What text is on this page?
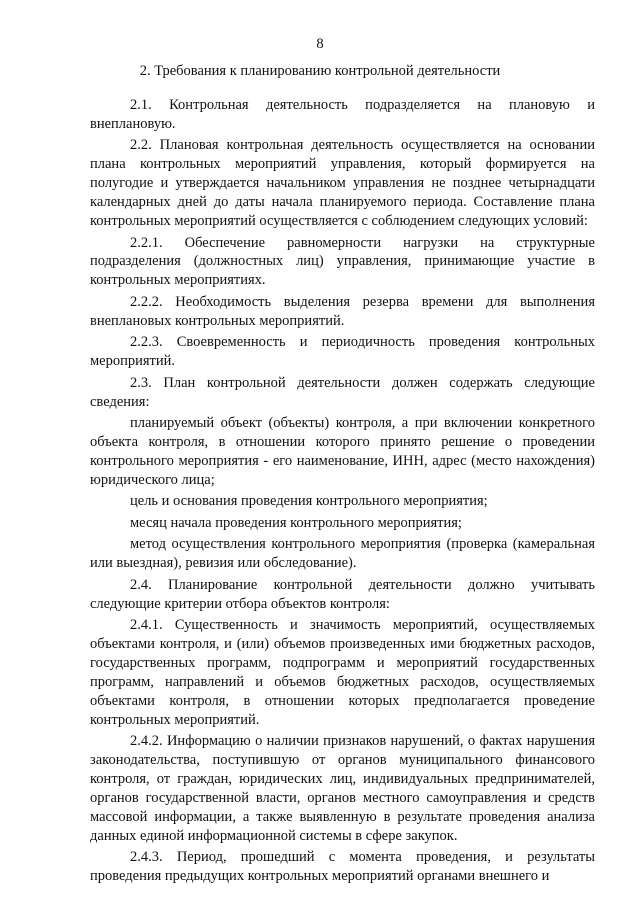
8
2. Требования к планированию контрольной деятельности

2.1. Контрольная деятельность подразделяется на плановую и внеплановую.

2.2. Плановая контрольная деятельность осуществляется на основании плана контрольных мероприятий управления, который формируется на полугодие и утверждается начальником управления не позднее четырнадцати календарных дней до даты начала планируемого периода. Составление плана контрольных мероприятий осуществляется с соблюдением следующих условий:

2.2.1. Обеспечение равномерности нагрузки на структурные подразделения (должностных лиц) управления, принимающие участие в контрольных мероприятиях.

2.2.2. Необходимость выделения резерва времени для выполнения внеплановых контрольных мероприятий.

2.2.3. Своевременность и периодичность проведения контрольных мероприятий.

2.3. План контрольной деятельности должен содержать следующие сведения:

планируемый объект (объекты) контроля, а при включении конкретного объекта контроля, в отношении которого принято решение о проведении контрольного мероприятия - его наименование, ИНН, адрес (место нахождения) юридического лица;

цель и основания проведения контрольного мероприятия;

месяц начала проведения контрольного мероприятия;

метод осуществления контрольного мероприятия (проверка (камеральная или выездная), ревизия или обследование).

2.4. Планирование контрольной деятельности должно учитывать следующие критерии отбора объектов контроля:

2.4.1. Существенность и значимость мероприятий, осуществляемых объектами контроля, и (или) объемов произведенных ими бюджетных расходов, государственных программ, подпрограмм и мероприятий государственных программ, направлений и объемов бюджетных расходов, осуществляемых объектами контроля, в отношении которых предполагается проведение контрольных мероприятий.

2.4.2. Информацию о наличии признаков нарушений, о фактах нарушения законодательства, поступившую от органов муниципального финансового контроля, от граждан, юридических лиц, индивидуальных предпринимателей, органов государственной власти, органов местного самоуправления и средств массовой информации, а также выявленную в результате проведения анализа данных единой информационной системы в сфере закупок.

2.4.3. Период, прошедший с момента проведения, и результаты проведения предыдущих контрольных мероприятий органами внешнего и
